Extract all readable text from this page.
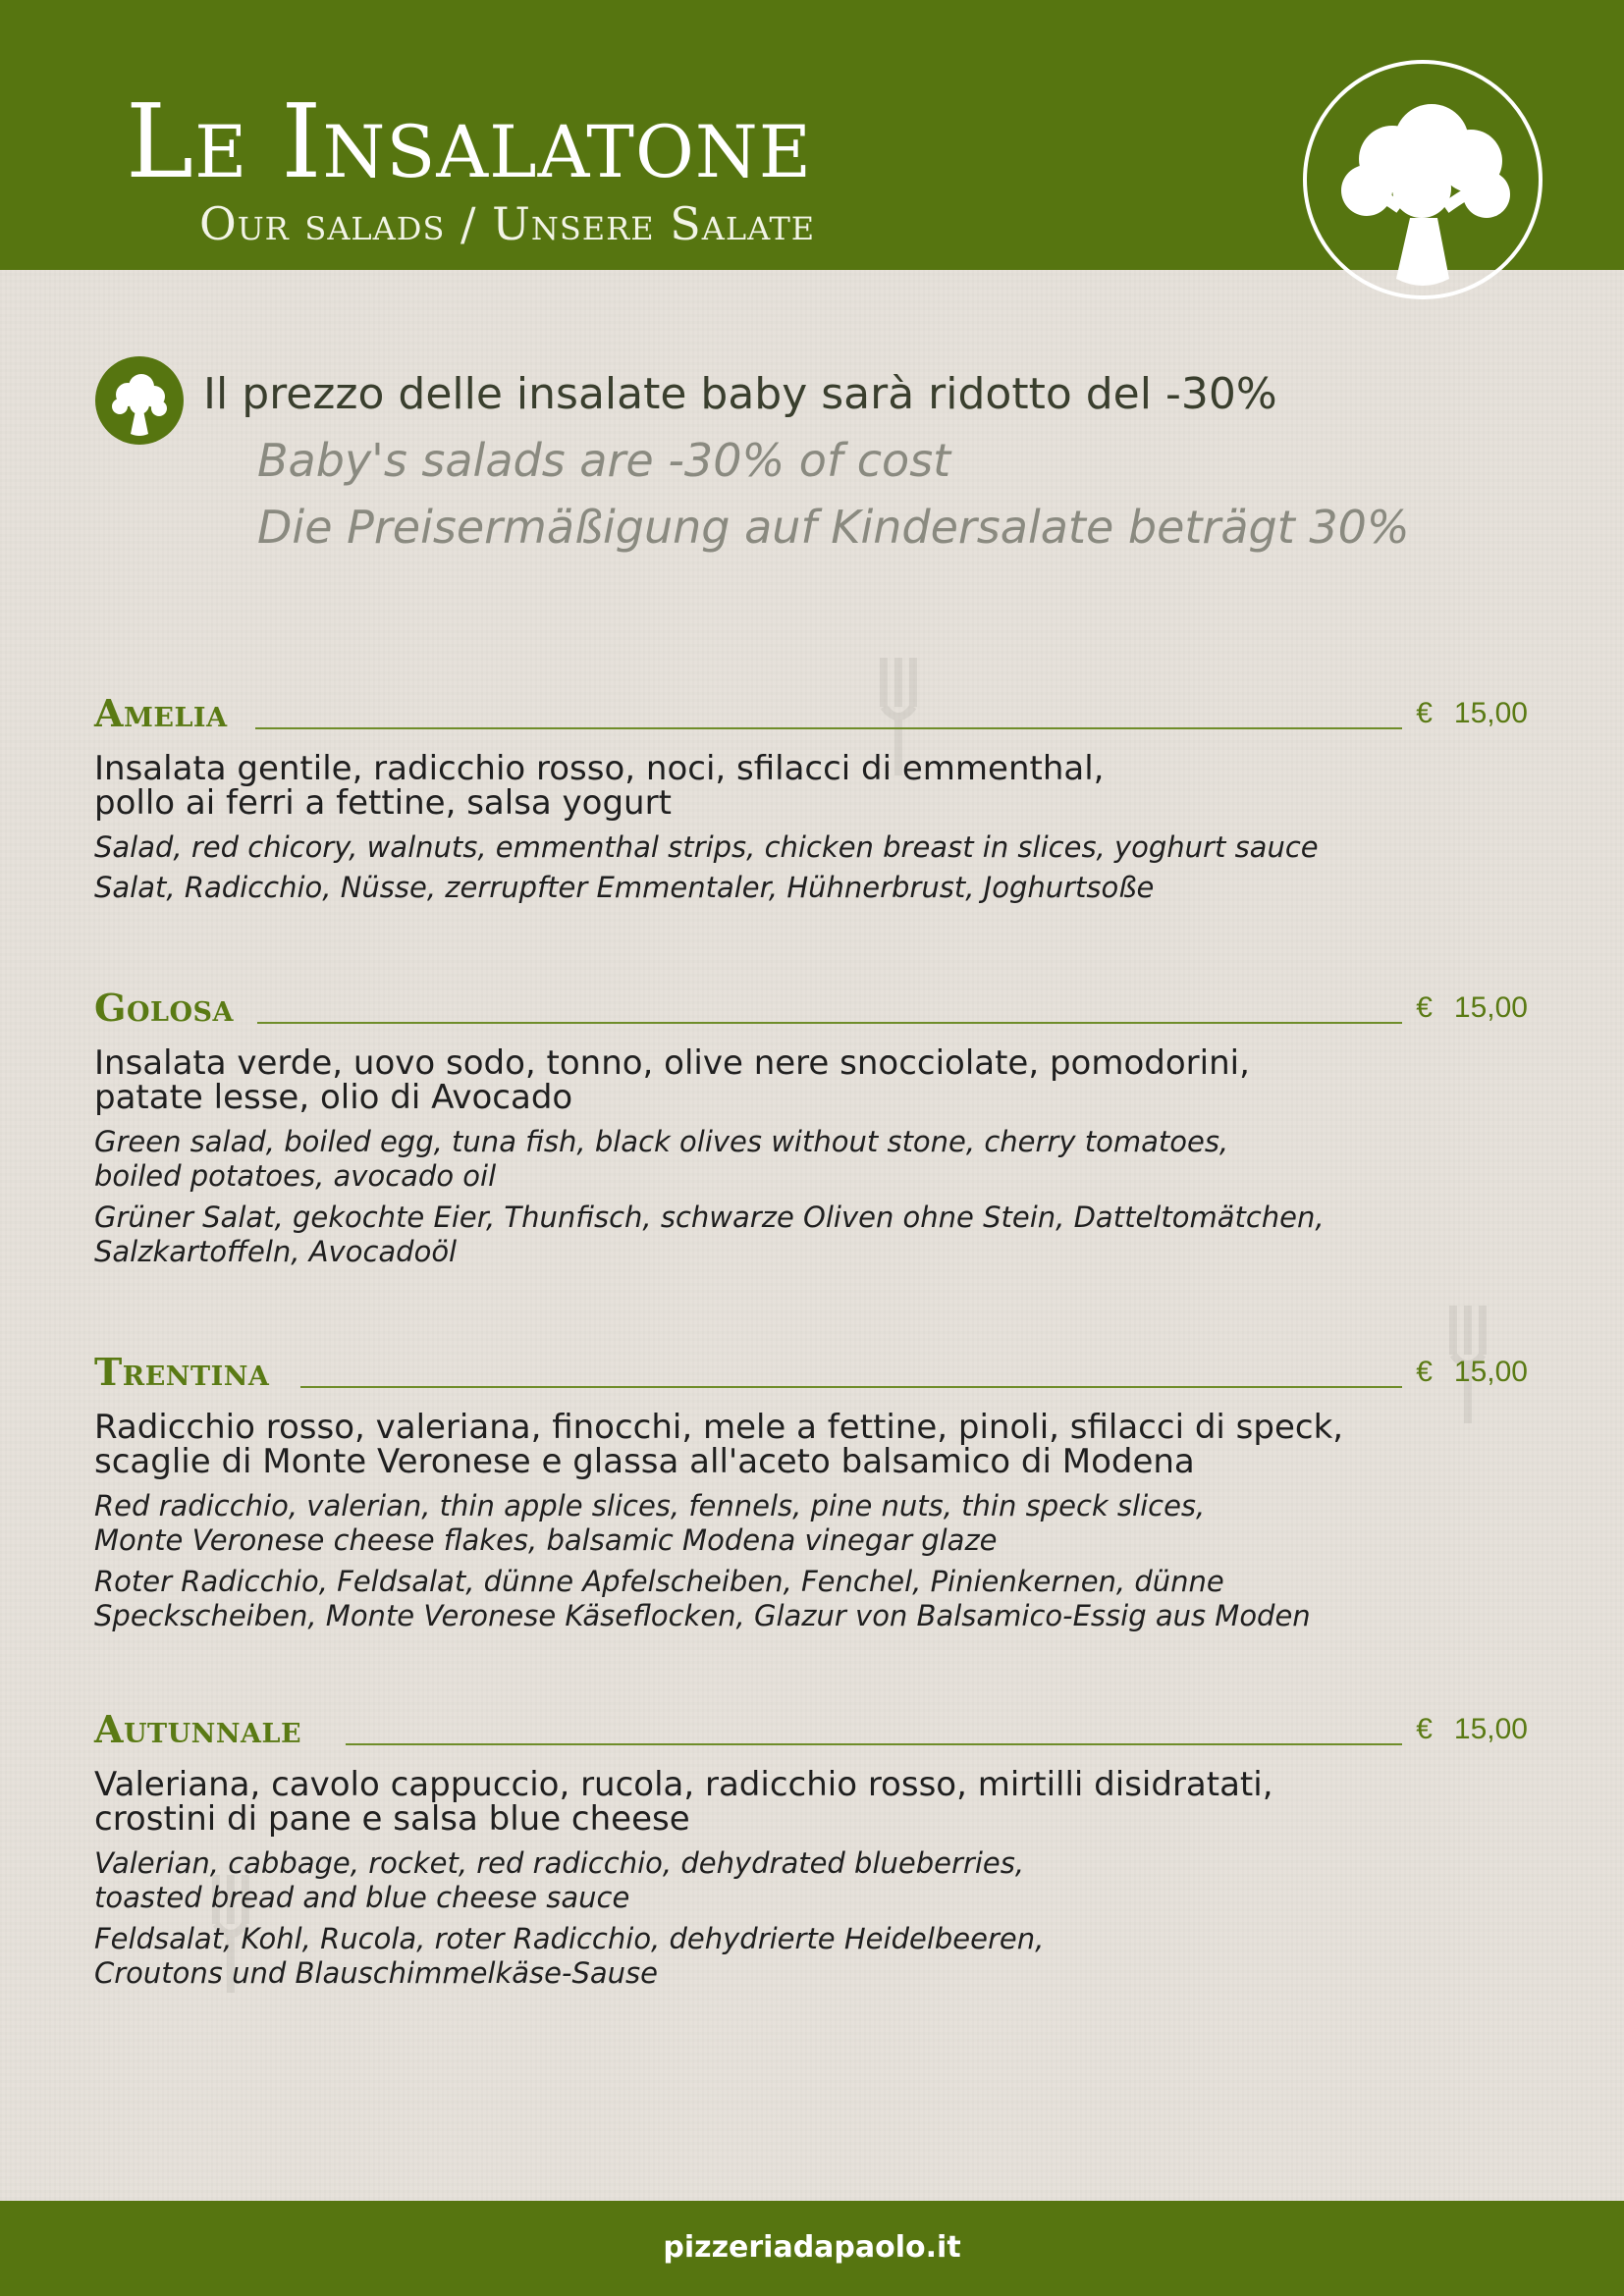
Le Insalatone
Our salads / Unsere Salate
Il prezzo delle insalate baby sarà ridotto del -30%
Baby's salads are -30% of cost
Die Preisermäßigung auf Kindersalate beträgt 30%
Amelia	€ 15,00
Insalata gentile, radicchio rosso, noci, sfilacci di emmenthal,
pollo ai ferri a fettine, salsa yogurt
Salad, red chicory, walnuts, emmenthal strips, chicken breast in slices, yoghurt sauce
Salat, Radicchio, Nüsse, zerrupfter Emmentaler, Hühnerbrust, Joghurtsoße
Golosa	€ 15,00
Insalata verde, uovo sodo, tonno, olive nere snocciolate, pomodorini,
patate lesse, olio di Avocado
Green salad, boiled egg, tuna fish, black olives without stone, cherry tomatoes,
boiled potatoes, avocado oil
Grüner Salat, gekochte Eier, Thunfisch, schwarze Oliven ohne Stein, Datteltomätchen,
Salzkartoffeln, Avocadoöl
Trentina	€ 15,00
Radicchio rosso, valeriana, finocchi, mele a fettine, pinoli, sfilacci di speck,
scaglie di Monte Veronese e glassa all'aceto balsamico di Modena
Red radicchio, valerian, thin apple slices, fennels, pine nuts, thin speck slices,
Monte Veronese cheese flakes, balsamic Modena vinegar glaze
Roter Radicchio, Feldsalat, dünne Apfelscheiben, Fenchel, Pinienkernen, dünne
Speckscheiben, Monte Veronese Käseflocken, Glazur von Balsamico-Essig aus Moden
Autunnale	€ 15,00
Valeriana, cavolo cappuccio, rucola, radicchio rosso, mirtilli disidratati,
crostini di pane e salsa blue cheese
Valerian, cabbage, rocket, red radicchio, dehydrated blueberries,
toasted bread and blue cheese sauce
Feldsalat, Kohl, Rucola, roter Radicchio, dehydrierte Heidelbeeren,
Croutons und Blauschimmelkäse-Sause
pizzeriadapaolo.it
